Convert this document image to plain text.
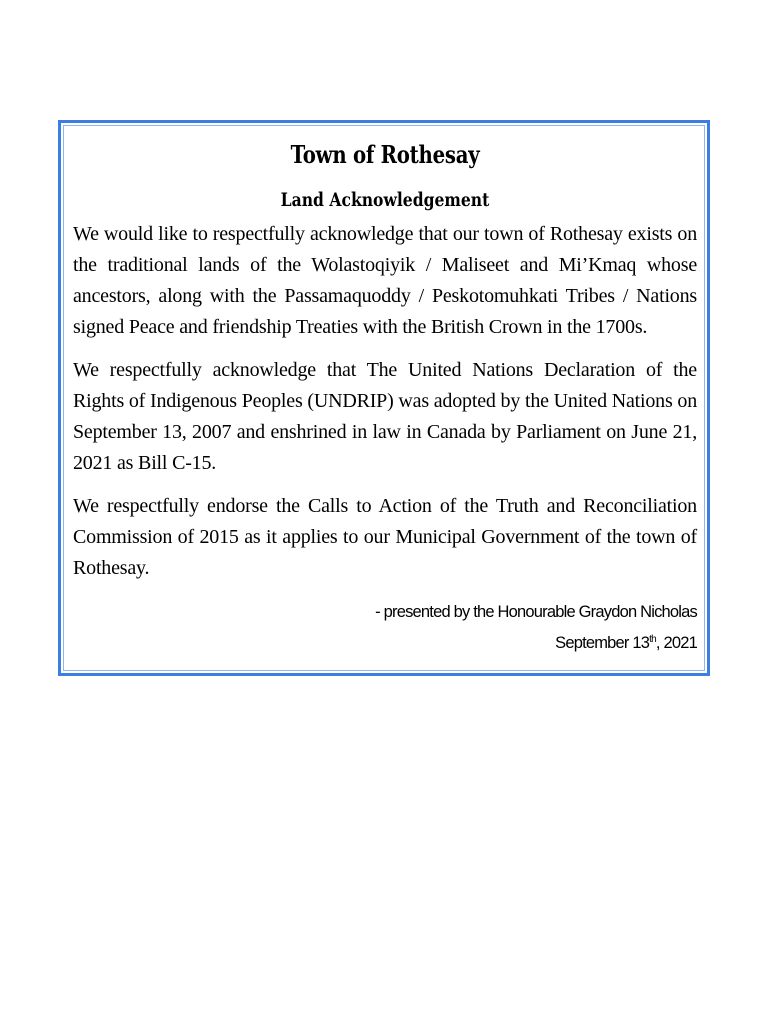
Town of Rothesay
Land Acknowledgement

We would like to respectfully acknowledge that our town of Rothesay exists on the traditional lands of the Wolastoqiyik / Maliseet and Mi’Kmaq whose ancestors, along with the Passamaquoddy / Peskotomuhkati Tribes / Nations signed Peace and friendship Treaties with the British Crown in the 1700s.

We respectfully acknowledge that The United Nations Declaration of the Rights of Indigenous Peoples (UNDRIP) was adopted by the United Nations on September 13, 2007 and enshrined in law in Canada by Parliament on June 21, 2021 as Bill C-15.

We respectfully endorse the Calls to Action of the Truth and Reconciliation Commission of 2015 as it applies to our Municipal Government of the town of Rothesay.

- presented by the Honourable Graydon Nicholas

September 13th, 2021
